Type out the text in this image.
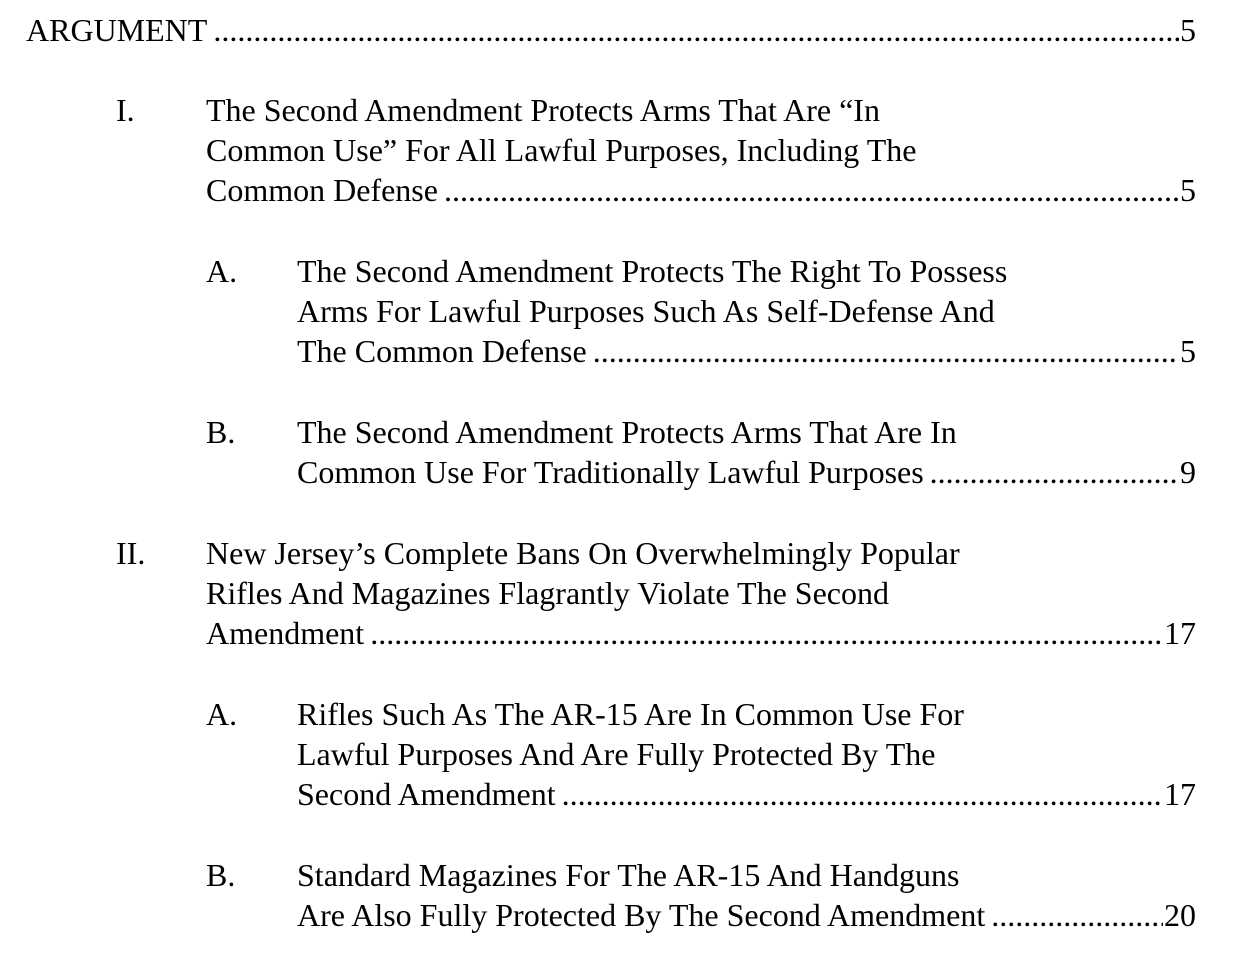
ARGUMENT .....	5
I. The Second Amendment Protects Arms That Are “In
Common Use” For All Lawful Purposes, Including The
Common Defense .....	5
A. The Second Amendment Protects The Right To Possess
Arms For Lawful Purposes Such As Self-Defense And
The Common Defense .....	5
B. The Second Amendment Protects Arms That Are In
Common Use For Traditionally Lawful Purposes .....	9
II. New Jersey’s Complete Bans On Overwhelmingly Popular
Rifles And Magazines Flagrantly Violate The Second
Amendment .....	17
A. Rifles Such As The AR-15 Are In Common Use For
Lawful Purposes And Are Fully Protected By The
Second Amendment .....	17
B. Standard Magazines For The AR-15 And Handguns
Are Also Fully Protected By The Second Amendment .....	20
